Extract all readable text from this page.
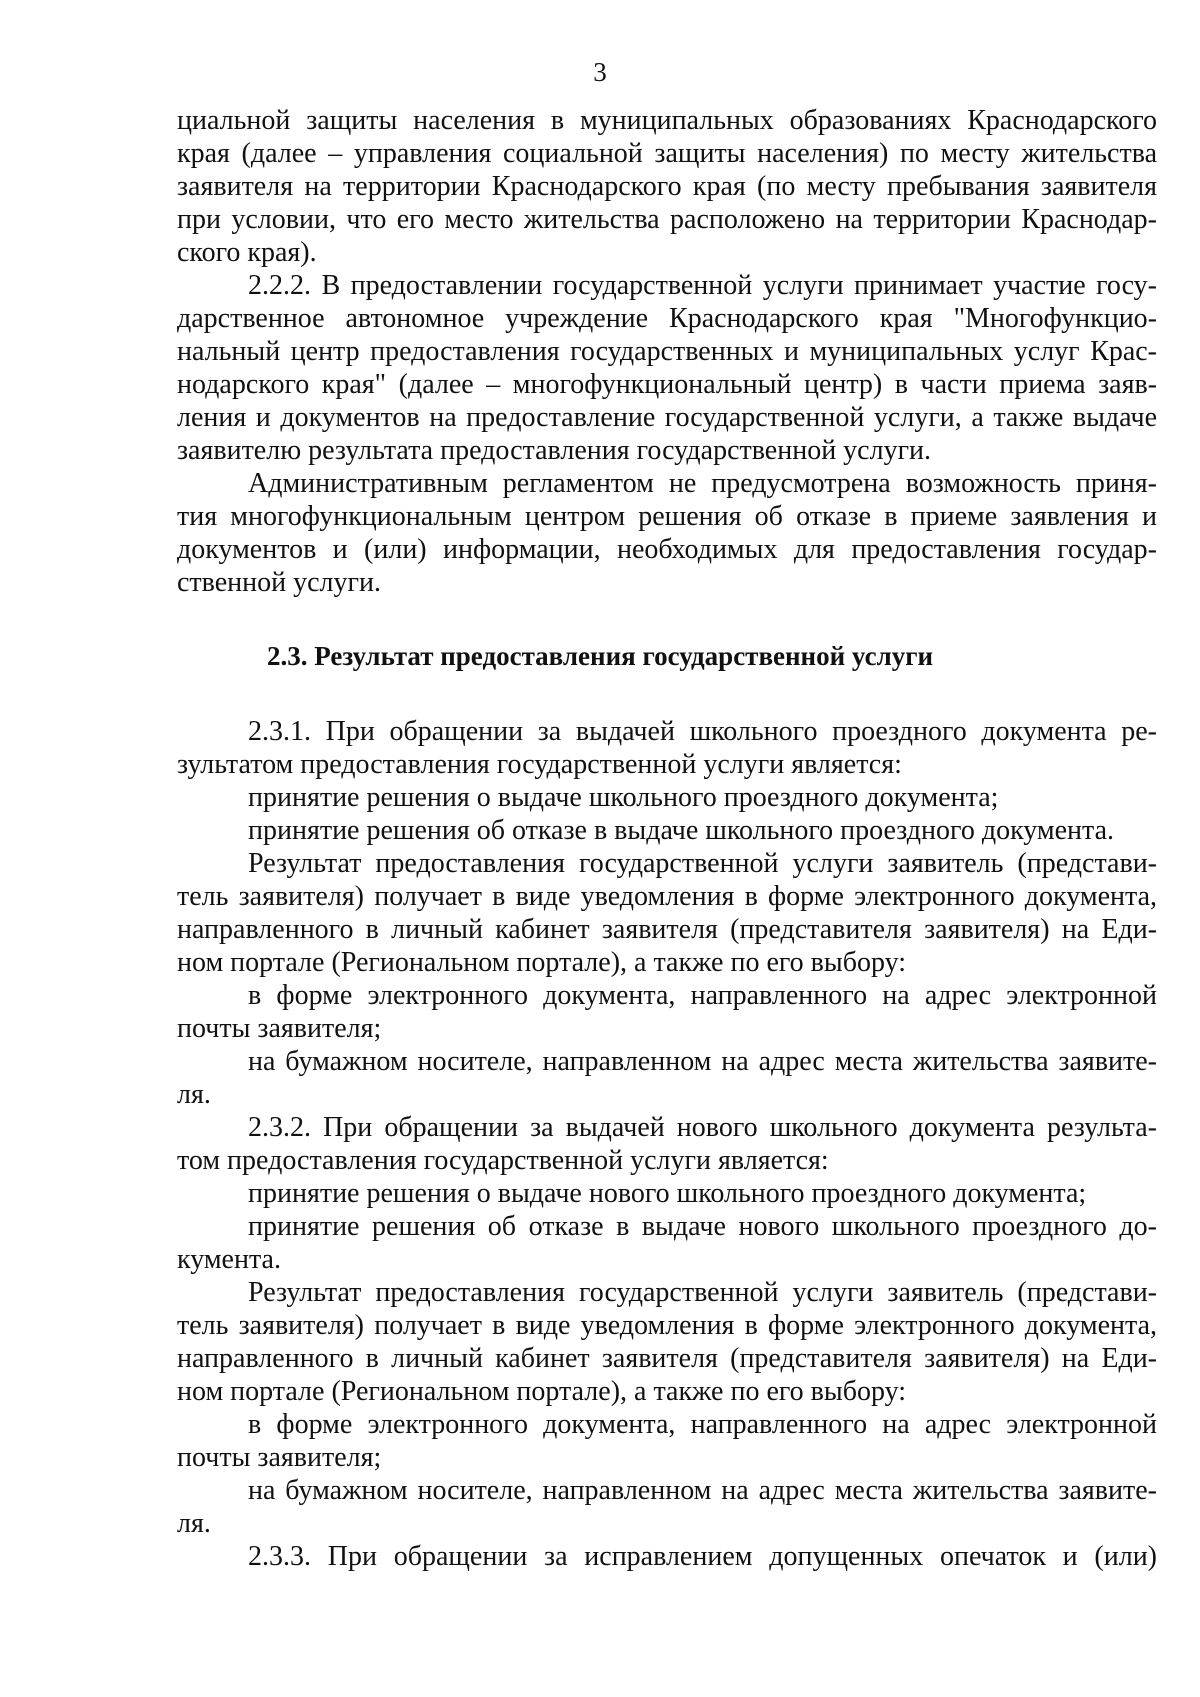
3
циальной защиты населения в муниципальных образованиях Краснодарского
края (далее – управления социальной защиты населения) по месту жительства
заявителя на территории Краснодарского края (по месту пребывания заявителя
при условии, что его место жительства расположено на территории Краснодар-
ского края).
2.2.2. В предоставлении государственной услуги принимает участие госу-
дарственное автономное учреждение Краснодарского края "Многофункцио-
нальный центр предоставления государственных и муниципальных услуг Крас-
нодарского края" (далее – многофункциональный центр) в части приема заяв-
ления и документов на предоставление государственной услуги, а также выдаче
заявителю результата предоставления государственной услуги.
Административным регламентом не предусмотрена возможность приня-
тия многофункциональным центром решения об отказе в приеме заявления и
документов и (или) информации, необходимых для предоставления государ-
ственной услуги.
2.3. Результат предоставления государственной услуги
2.3.1. При обращении за выдачей школьного проездного документа ре-
зультатом предоставления государственной услуги является:
принятие решения о выдаче школьного проездного документа;
принятие решения об отказе в выдаче школьного проездного документа.
Результат предоставления государственной услуги заявитель (представи-
тель заявителя) получает в виде уведомления в форме электронного документа,
направленного в личный кабинет заявителя (представителя заявителя) на Еди-
ном портале (Региональном портале), а также по его выбору:
в форме электронного документа, направленного на адрес электронной
почты заявителя;
на бумажном носителе, направленном на адрес места жительства заявите-
ля.
2.3.2. При обращении за выдачей нового школьного документа результа-
том предоставления государственной услуги является:
принятие решения о выдаче нового школьного проездного документа;
принятие решения об отказе в выдаче нового школьного проездного до-
кумента.
Результат предоставления государственной услуги заявитель (представи-
тель заявителя) получает в виде уведомления в форме электронного документа,
направленного в личный кабинет заявителя (представителя заявителя) на Еди-
ном портале (Региональном портале), а также по его выбору:
в форме электронного документа, направленного на адрес электронной
почты заявителя;
на бумажном носителе, направленном на адрес места жительства заявите-
ля.
2.3.3. При обращении за исправлением допущенных опечаток и (или)
